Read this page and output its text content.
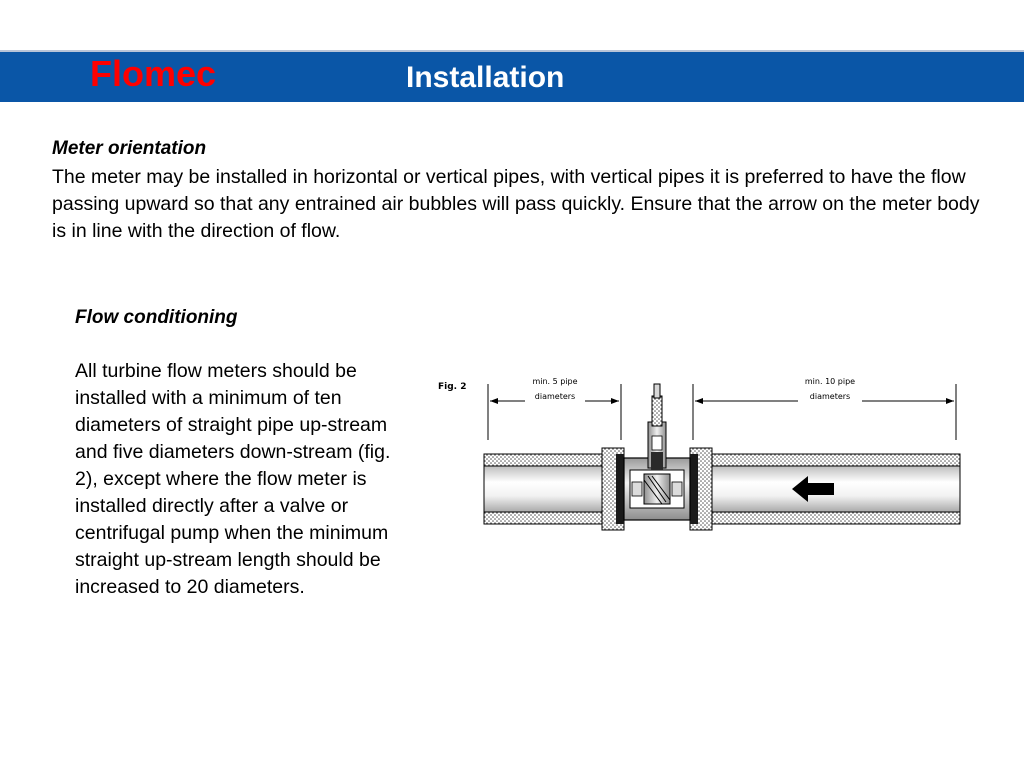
Flomec	Installation
Meter orientation
The meter may be installed in horizontal or vertical pipes, with vertical pipes it is preferred to have the flow passing upward so that any entrained air bubbles will pass quickly. Ensure that the arrow on the meter body is in line with the direction of flow.
Flow conditioning
All turbine flow meters should be installed with a minimum of ten diameters of straight pipe up-stream and five diameters down-stream (fig. 2), except where the flow meter is installed directly after a valve or centrifugal pump when the minimum straight up-stream length should be increased to 20 diameters.
Fig. 2
min. 5 pipe
diameters
min. 10 pipe
diameters
